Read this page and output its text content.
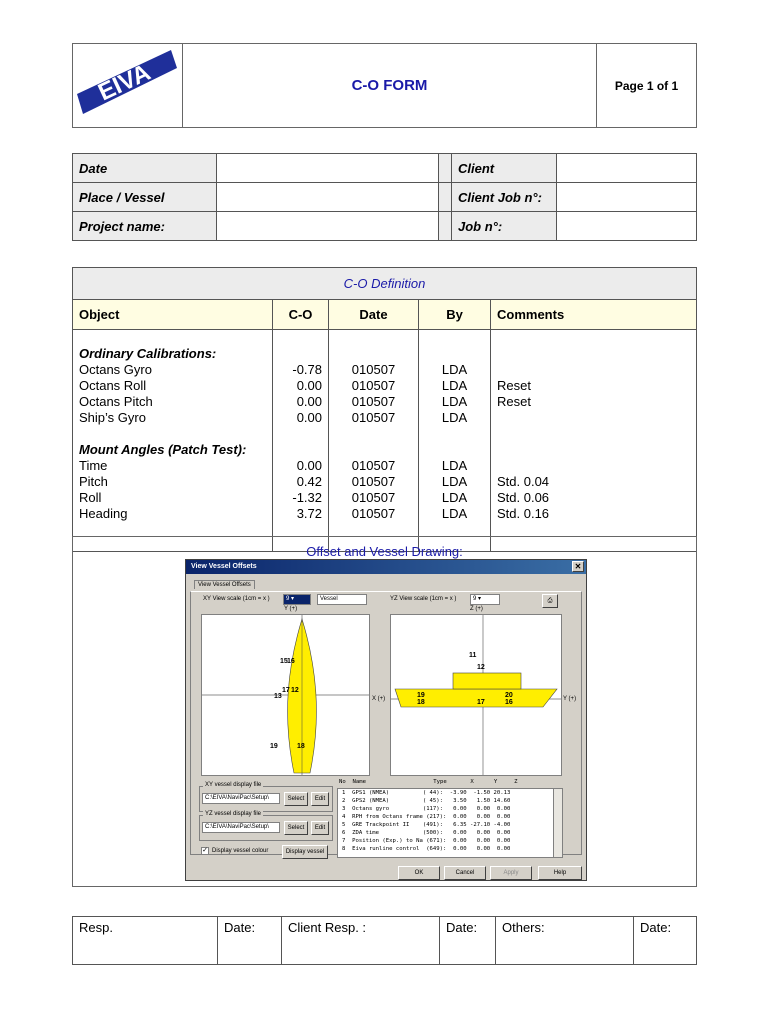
EIVA	C-O FORM	Page 1 of 1
Date			Client	
Place / Vessel			Client Job n°:	
Project name:			Job n°:	
C-O Definition				
Object	C-O	Date	By	Comments

Ordinary Calibrations:				
Octans Gyro	-0.78	010507	LDA	
Octans Roll	0.00	010507	LDA	Reset
Octans Pitch	0.00	010507	LDA	Reset
Ship’s Gyro	0.00	010507	LDA	

Mount Angles (Patch Test):				
Time	0.00	010507	LDA	
Pitch	0.42	010507	LDA	Std. 0.04
Roll	-1.32	010507	LDA	Std. 0.06
Heading	3.72	010507	LDA	Std. 0.16

Offset and Vessel Drawing:
View Vessel Offsets	✕
View Vessel Offsets
XY View scale (1cm = x )	9 ▾	Vessel	YZ View scale (1cm = x )	9 ▾	⎙
Y (+)	Z (+)
15 16
17 12
13
19	18
11
12
19
18	17
20
16
X (+)	Y (+)
XY vessel display file
C:\EIVA\NaviPac\Setup\	Select	Edit
YZ vessel display file
C:\EIVA\NaviPac\Setup\	Select	Edit
✓ Display vessel colour	Display vessel
No  Name                    Type       X      Y     Z
1  GPS1 (NMEA)          ( 44):  -3.90  -1.50 20.13
2  GPS2 (NMEA)          ( 45):   3.50   1.50 14.60
3  Octans gyro          (117):   0.00   0.00  0.00
4  RPH from Octans frame (217):  0.00   0.00  0.00
5  GRE Trackpoint II    (491):   6.35 -27.10 -4.00
6  ZDA time             (500):   0.00   0.00  0.00
7  Position (Exp.) to Na (671):  0.00   0.00  0.00
8  Eiva runline control  (649):  0.00   0.00  0.00
OK	Cancel	Apply	Help
Resp.	Date:	Client Resp. :	Date:	Others:	Date:
